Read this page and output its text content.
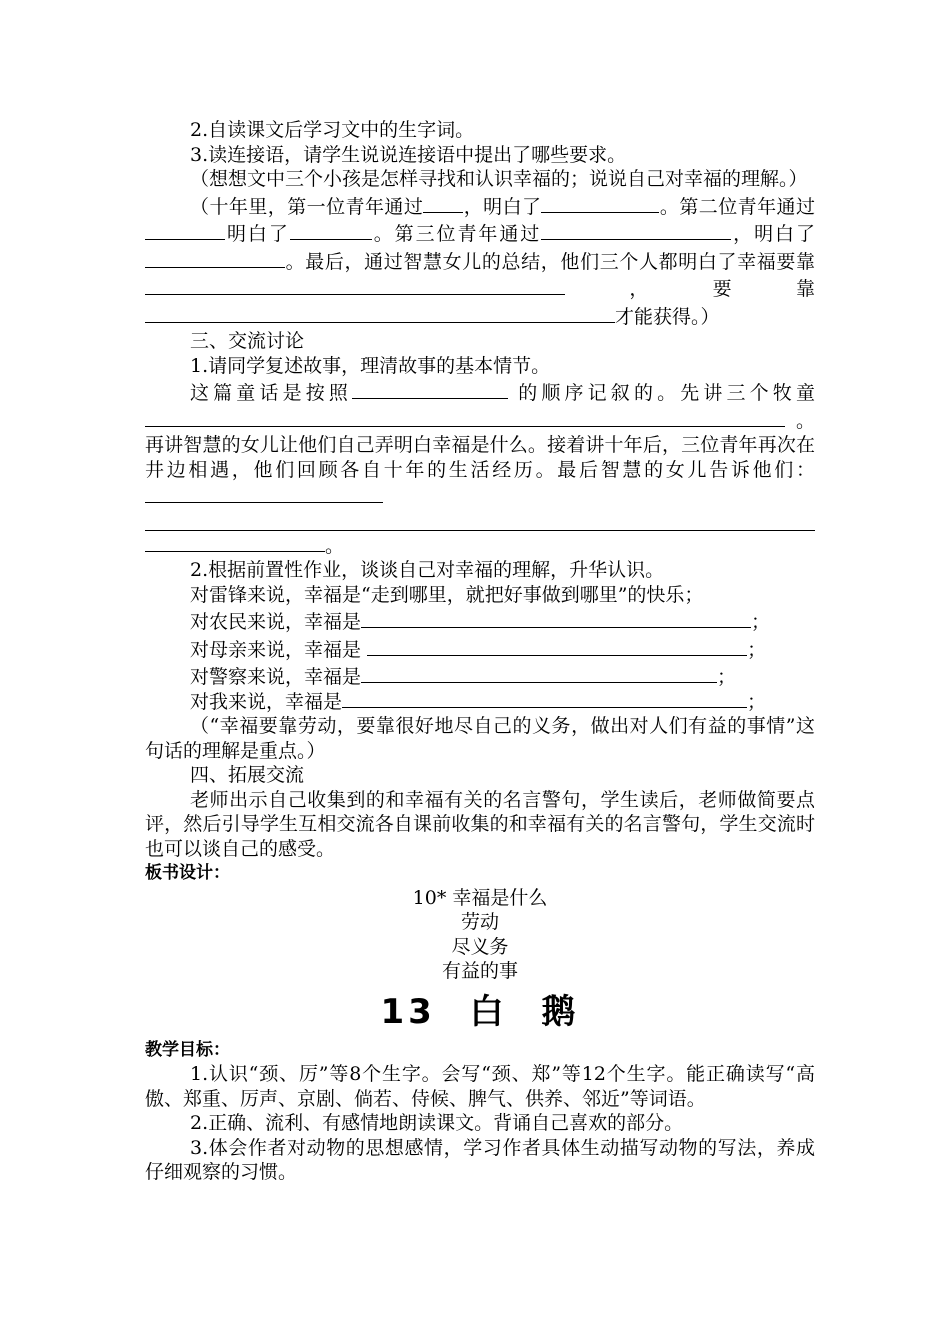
2.自读课文后学习文中的生字词。

3.读连接语，请学生说说连接语中提出了哪些要求。

（想想文中三个小孩是怎样寻找和认识幸福的；说说自己对幸福的理解。）

（十年里，第一位青年通过 ，明白了	。第二位青年通过明白了	。第三位青年通过	，明白了。最后，通过智慧女儿的总结，他们三个人都明白了幸福要靠，要靠才能获得。）

三、交流讨论

1.请同学复述故事，理清故事的基本情节。

这篇童话是按照	的顺序记叙的。先讲三个牧童。再讲智慧的女儿让他们自己弄明白幸福是什么。接着讲十年后，三位青年再次在井边相遇，他们回顾各自十年的生活经历。最后智慧的女儿告诉他们：
。

2.根据前置性作业，谈谈自己对幸福的理解，升华认识。

对雷锋来说，幸福是“走到哪里，就把好事做到哪里”的快乐；

对农民来说，幸福是	；

对母亲来说，幸福是	；

对警察来说，幸福是	；

对我来说，幸福是	；

（“幸福要靠劳动，要靠很好地尽自己的义务，做出对人们有益的事情”这句话的理解是重点。）

四、拓展交流

老师出示自己收集到的和幸福有关的名言警句，学生读后，老师做简要点评，然后引导学生互相交流各自课前收集的和幸福有关的名言警句，学生交流时也可以谈自己的感受。

板书设计：

10* 幸福是什么

劳动

尽义务

有益的事

13 白 鹅

教学目标：

1.认识“颈、厉”等8个生字。会写“颈、郑”等12个生字。能正确读写“高傲、郑重、厉声、京剧、倘若、侍候、脾气、供养、邻近”等词语。

2.正确、流利、有感情地朗读课文。背诵自己喜欢的部分。

3.体会作者对动物的思想感情，学习作者具体生动描写动物的写法，养成仔细观察的习惯。
